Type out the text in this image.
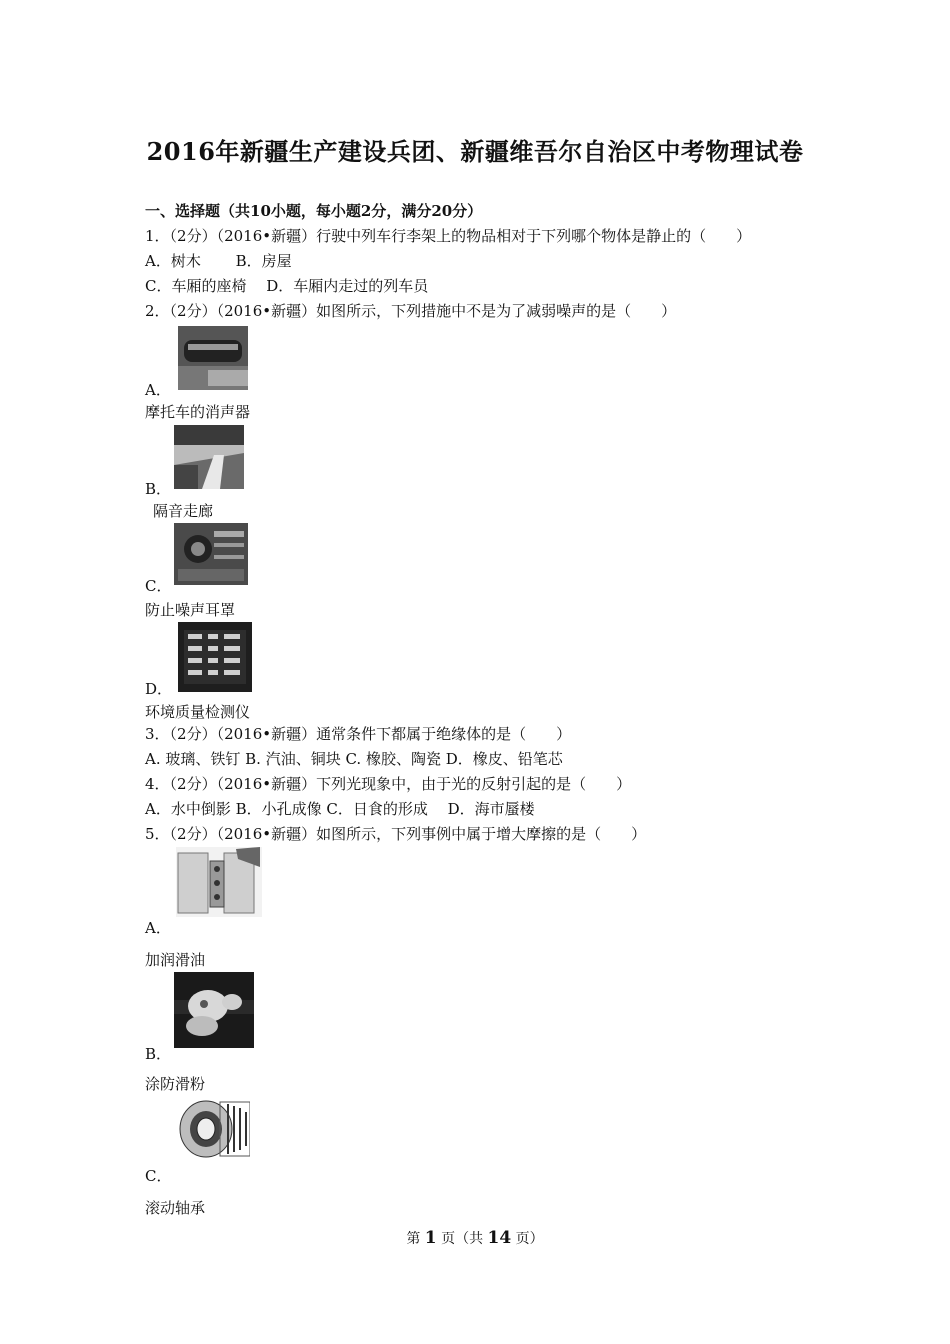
2016年新疆生产建设兵团、新疆维吾尔自治区中考物理试卷
一、选择题（共10小题，每小题2分，满分20分）
1．（2分）（2016•新疆）行驶中列车行李架上的物品相对于下列哪个物体是静止的（　　）
A．树木　　 B．房屋
C．车厢的座椅　 D．车厢内走过的列车员
2．（2分）（2016•新疆）如图所示，下列措施中不是为了减弱噪声的是（　　）
A．
摩托车的消声器
B．
隔音走廊
C．
防止噪声耳罩
D．
环境质量检测仪
3．（2分）（2016•新疆）通常条件下都属于绝缘体的是（　　）
A. 玻璃、铁钉 B. 汽油、铜块 C. 橡胶、陶瓷 D．橡皮、铅笔芯
4．（2分）（2016•新疆）下列光现象中，由于光的反射引起的是（　　）
A．水中倒影 B．小孔成像 C．日食的形成　 D．海市蜃楼
5．（2分）（2016•新疆）如图所示，下列事例中属于增大摩擦的是（　　）
A．
加润滑油
B．
涂防滑粉
C．
滚动轴承
第 1 页（共 14 页）
